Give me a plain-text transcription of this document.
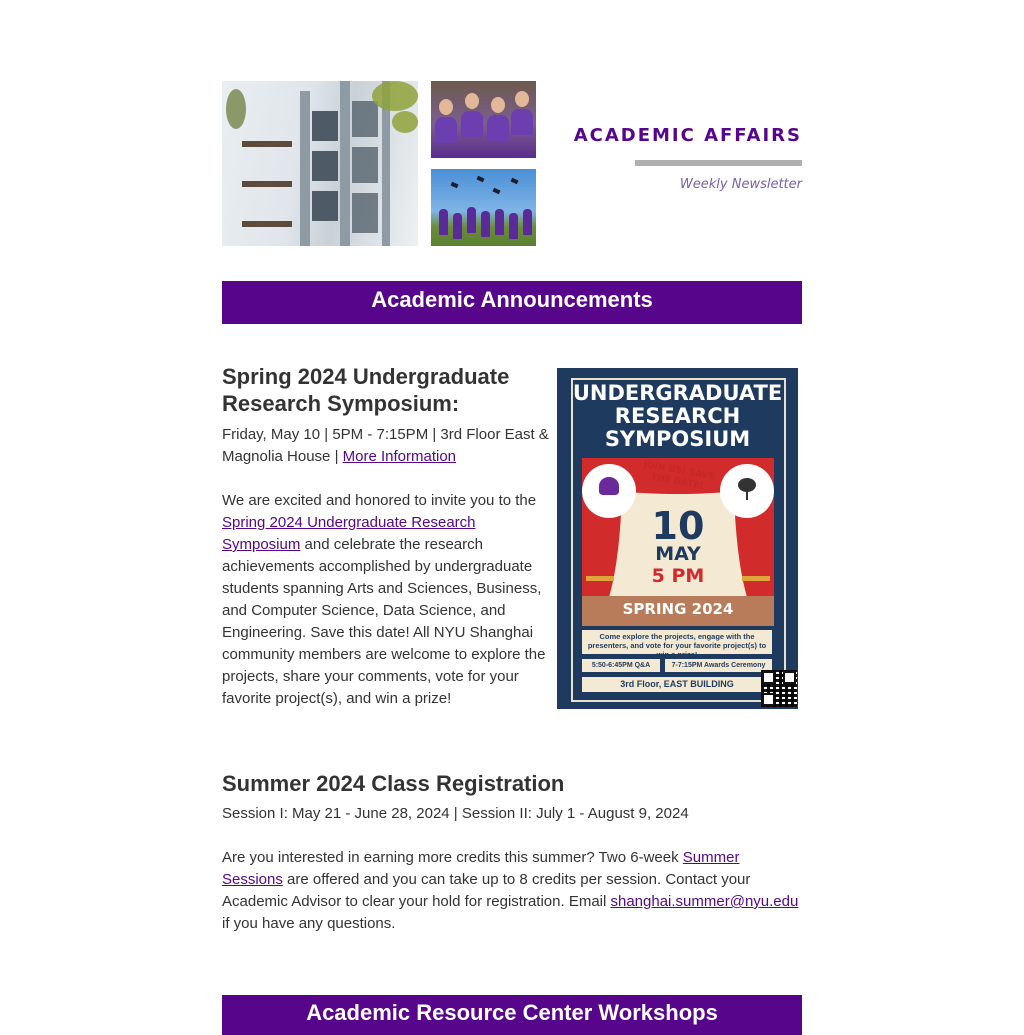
ACADEMIC AFFAIRS
Weekly Newsletter
Academic Announcements
Spring 2024 Undergraduate Research Symposium:
Friday, May 10 | 5PM - 7:15PM | 3rd Floor East & Magnolia House | More Information
We are excited and honored to invite you to the Spring 2024 Undergraduate Research Symposium and celebrate the research achievements accomplished by undergraduate students spanning Arts and Sciences, Business, and Computer Science, Data Science, and Engineering. Save this date! All NYU Shanghai community members are welcome to explore the projects, share your comments, vote for your favorite project(s), and win a prize!
UNDERGRADUATE RESEARCH SYMPOSIUM
JOIN US! SAVE THE DATE!
10
MAY
5 PM
SPRING 2024
Come explore the projects, engage with the presenters, and vote for your favorite project(s) to win a prize!
5:50-6:45PM Q&A	7-7:15PM Awards Ceremony
3rd Floor, EAST BUILDING
Summer 2024 Class Registration
Session I: May 21 - June 28, 2024 | Session II: July 1 - August 9, 2024
Are you interested in earning more credits this summer? Two 6-week Summer Sessions are offered and you can take up to 8 credits per session. Contact your Academic Advisor to clear your hold for registration. Email shanghai.summer@nyu.edu if you have any questions.
Academic Resource Center Workshops
